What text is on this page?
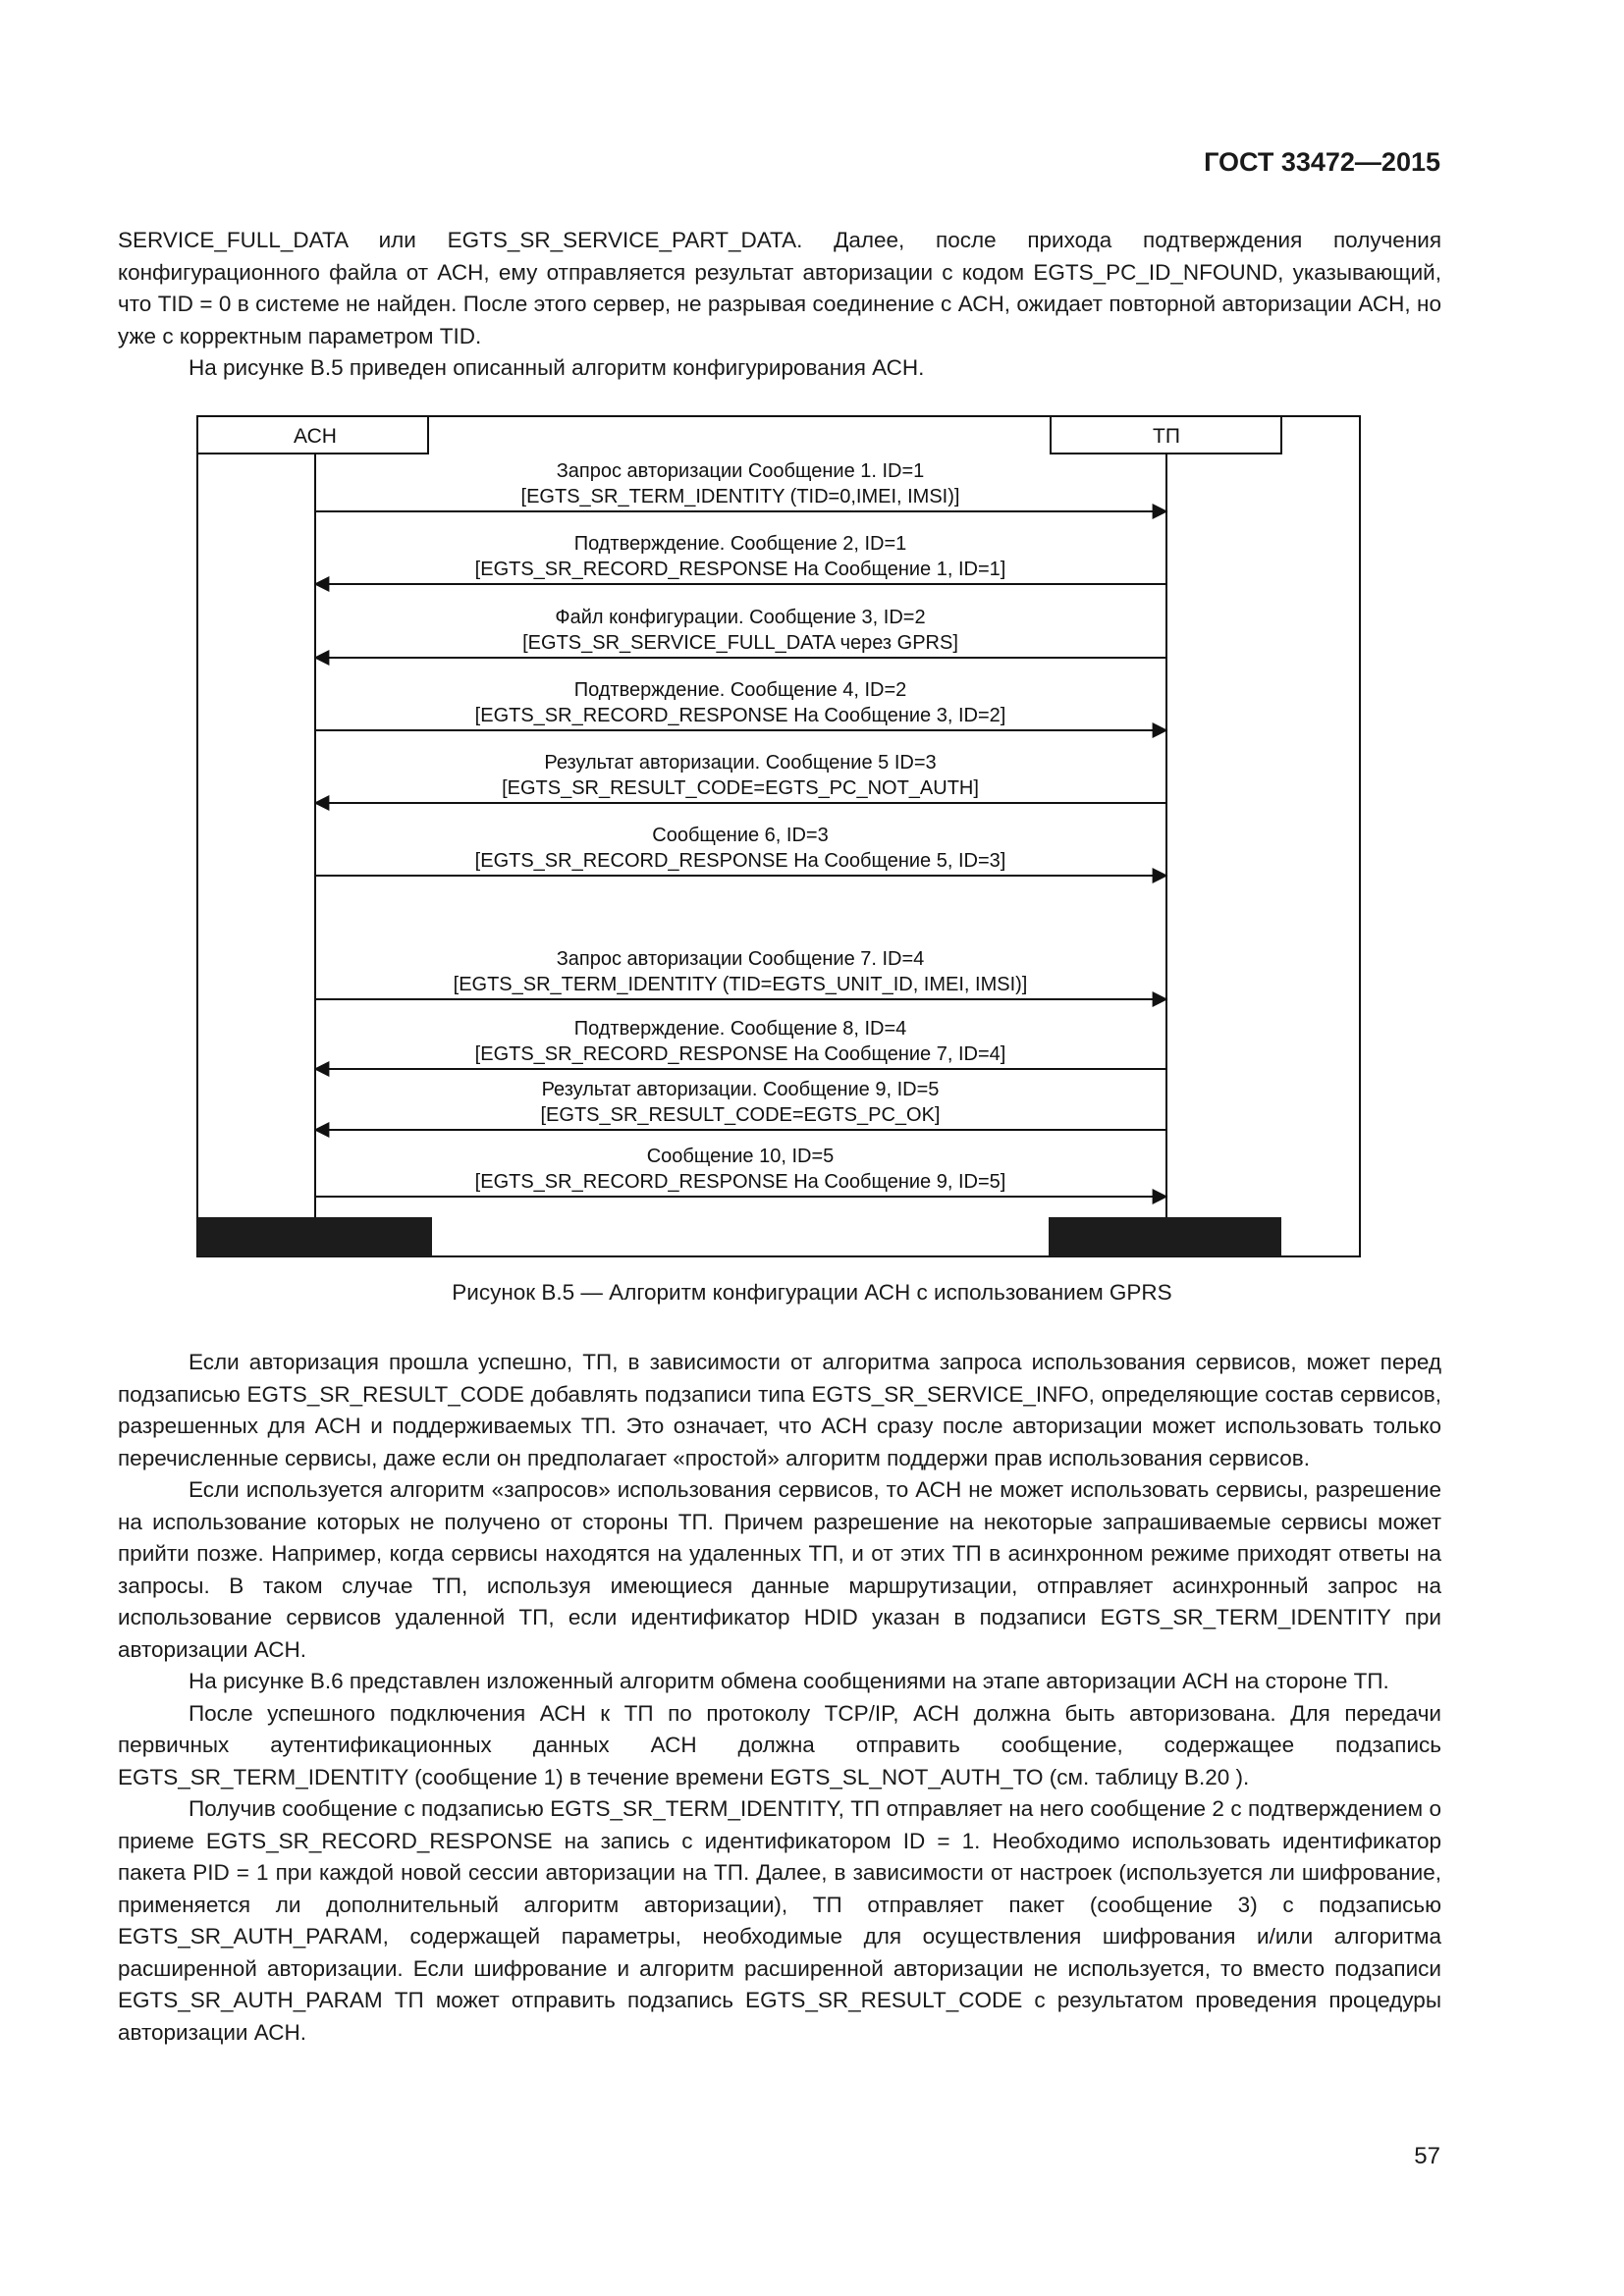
ГОСТ 33472—2015

SERVICE_FULL_DATA или EGTS_SR_SERVICE_PART_DATA. Далее, после прихода подтверждения получения конфигурационного файла от АСН, ему отправляется результат авторизации с кодом EGTS_PC_ID_NFOUND, указывающий, что TID = 0 в системе не найден. После этого сервер, не разрывая соединение с АСН, ожидает повторной авторизации АСН, но уже с корректным параметром TID.

На рисунке В.5 приведен описанный алгоритм конфигурирования АСН.

АСН	ТП
Запрос авторизации Сообщение 1. ID=1
[EGTS_SR_TERM_IDENTITY (TID=0,IMEI, IMSI)]
Подтверждение. Сообщение 2, ID=1
[EGTS_SR_RECORD_RESPONSE На Сообщение 1, ID=1]
Файл конфигурации. Сообщение 3, ID=2
[EGTS_SR_SERVICE_FULL_DATA через GPRS]
Подтверждение. Сообщение 4, ID=2
[EGTS_SR_RECORD_RESPONSE На Сообщение 3, ID=2]
Результат авторизации. Сообщение 5 ID=3
[EGTS_SR_RESULT_CODE=EGTS_PC_NOT_AUTH]
Сообщение 6, ID=3
[EGTS_SR_RECORD_RESPONSE На Сообщение 5, ID=3]
Запрос авторизации Сообщение 7. ID=4
[EGTS_SR_TERM_IDENTITY (TID=EGTS_UNIT_ID, IMEI, IMSI)]
Подтверждение. Сообщение 8, ID=4
[EGTS_SR_RECORD_RESPONSE На Сообщение 7, ID=4]
Результат авторизации. Сообщение 9, ID=5
[EGTS_SR_RESULT_CODE=EGTS_PC_OK]
Сообщение 10, ID=5
[EGTS_SR_RECORD_RESPONSE На Сообщение 9, ID=5]
Рисунок В.5 — Алгоритм конфигурации АСН с использованием GPRS

Если авторизация прошла успешно, ТП, в зависимости от алгоритма запроса использования сервисов, может перед подзаписью EGTS_SR_RESULT_CODE добавлять подзаписи типа EGTS_SR_SERVICE_INFO, определяющие состав сервисов, разрешенных для АСН и поддерживаемых ТП. Это означает, что АСН сразу после авторизации может использовать только перечисленные сервисы, даже если он предполагает «простой» алгоритм поддержи прав использования сервисов.

Если используется алгоритм «запросов» использования сервисов, то АСН не может использовать сервисы, разрешение на использование которых не получено от стороны ТП. Причем разрешение на некоторые запрашиваемые сервисы может прийти позже. Например, когда сервисы находятся на удаленных ТП, и от этих ТП в асинхронном режиме приходят ответы на запросы. В таком случае ТП, используя имеющиеся данные маршрутизации, отправляет асинхронный запрос на использование сервисов удаленной ТП, если идентификатор HDID указан в подзаписи EGTS_SR_TERM_IDENTITY при авторизации АСН.

На рисунке В.6 представлен изложенный алгоритм обмена сообщениями на этапе авторизации АСН на стороне ТП.

После успешного подключения АСН к ТП по протоколу TCP/IP, АСН должна быть авторизована. Для передачи первичных аутентификационных данных АСН должна отправить сообщение, содержащее подзапись EGTS_SR_TERM_IDENTITY (сообщение 1) в течение времени EGTS_SL_NOT_AUTH_TO (см. таблицу В.20 ).

Получив сообщение с подзаписью EGTS_SR_TERM_IDENTITY, ТП отправляет на него сообщение 2 с подтверждением о приеме EGTS_SR_RECORD_RESPONSE на запись с идентификатором ID = 1. Необходимо использовать идентификатор пакета PID = 1 при каждой новой сессии авторизации на ТП. Далее, в зависимости от настроек (используется ли шифрование, применяется ли дополнительный алгоритм авторизации), ТП отправляет пакет (сообщение 3) с подзаписью EGTS_SR_AUTH_PARAM, содержащей параметры, необходимые для осуществления шифрования и/или алгоритма расширенной авторизации. Если шифрование и алгоритм расширенной авторизации не используется, то вместо подзаписи EGTS_SR_AUTH_PARAM ТП может отправить подзапись EGTS_SR_RESULT_CODE с результатом проведения процедуры авторизации АСН.

57
